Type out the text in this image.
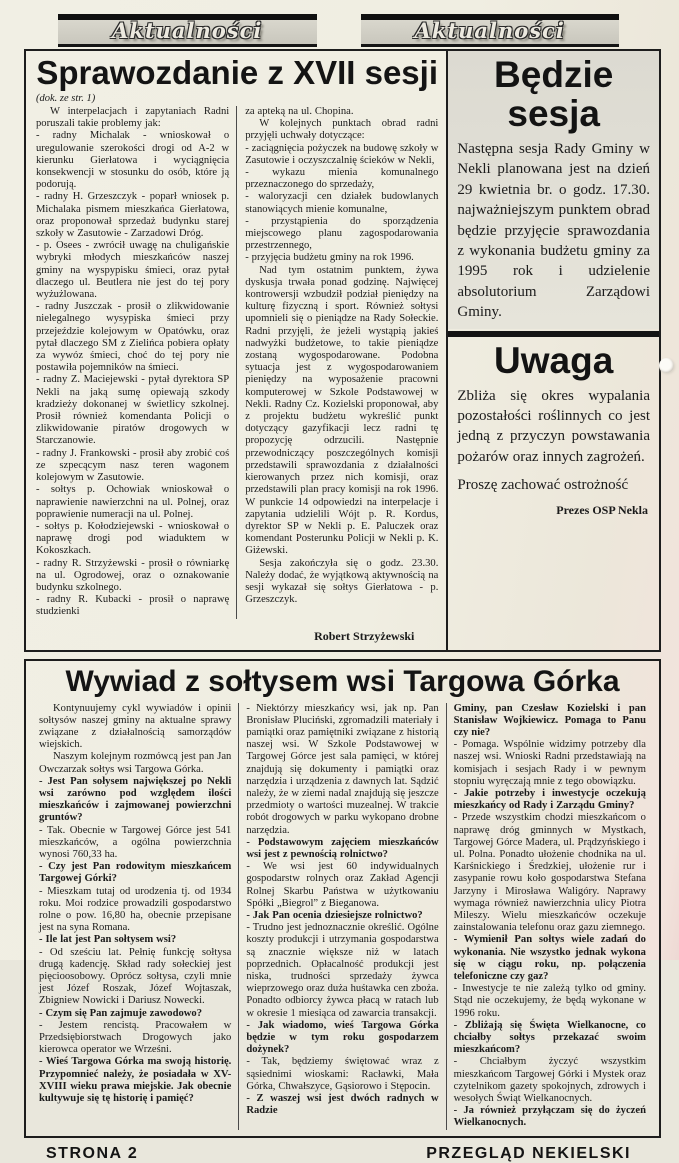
Aktualności	Aktualności
Sprawozdanie z XVII sesji
(dok. ze str. 1)

W interpelacjach i zapytaniach Radni poruszali takie problemy jak:

- radny Michalak - wnioskował o uregulowanie szerokości drogi od A-2 w kierunku Gierłatowa i wyciągnięcia konsekwencji w stosunku do osób, które ją podorują.

- radny H. Grzeszczyk - poparł wniosek p. Michalaka pismem mieszkańca Gierłatowa, oraz proponował sprzedaż budynku starej szkoły w Zasutowie - Zarzadowi Dróg.

- p. Osees - zwrócił uwagę na chuligańskie wybryki młodych mieszkańców naszej gminy na wyspypisku śmieci, oraz pytał dlaczego ul. Beutlera nie jest do tej pory wyżużlowana.

- radny Juszczak - prosił o zlikwidowanie nielegalnego wysypiska śmieci przy przejeździe kolejowym w Opatówku, oraz pytał dlaczego SM z Zielińca pobiera opłaty za wywóz śmieci, choć do tej pory nie postawiła pojemników na śmieci.

- radny Z. Maciejewski - pytał dyrektora SP Nekli na jaką sumę opiewają szkody kradzieży dokonanej w świetlicy szkolnej. Prosił również komendanta Policji o zlikwidowanie piratów drogowych w Starczanowie.

- radny J. Frankowski - prosił aby zrobić coś ze szpecącym nasz teren wagonem kolejowym w Zasutowie.

- sołtys p. Ochowiak wnioskował o naprawienie nawierzchni na ul. Polnej, oraz poprawienie numeracji na ul. Polnej.

- sołtys p. Kołodziejewski - wnioskował o naprawę drogi pod wiaduktem w Kokoszkach.

- radny R. Strzyżewski - prosił o równiarkę na ul. Ogrodowej, oraz o oznakowanie budynku szkolnego.

- radny R. Kubacki - prosił o naprawę studzienki

za apteką na ul. Chopina.

W kolejnych punktach obrad radni przyjęli uchwały dotyczące:

- zaciągnięcia pożyczek na budowę szkoły w Zasutowie i oczyszczalnię ścieków w Nekli,

- wykazu mienia komunalnego przeznaczonego do sprzedaży,

- waloryzacji cen działek budowlanych stanowiących mienie komunalne,

- przystąpienia do sporządzenia miejscowego planu zagospodarowania przestrzennego,

- przyjęcia budżetu gminy na rok 1996.

Nad tym ostatnim punktem, żywa dyskusja trwała ponad godzinę. Najwięcej kontrowersji wzbudził podział pieniędzy na kulturę fizyczną i sport. Również sołtysi upomnieli się o pieniądze na Rady Sołeckie. Radni przyjęli, że jeżeli wystąpią jakieś nadwyżki budżetowe, to takie pieniądze zostaną wygospodarowane. Podobna sytuacja jest z wygospodarowaniem pieniędzy na wyposażenie pracowni komputerowej w Szkole Podstawowej w Nekli. Radny Cz. Kozielski proponował, aby z projektu budżetu wykreślić punkt dotyczący gazyfikacji lecz radni tę propozycję odrzucili. Następnie przewodniczący poszczególnych komisji przedstawili sprawozdania z działalności kierowanych przez nich komisji, oraz przedstawili plan pracy komisji na rok 1996. W punkcie 14 odpowiedzi na interpelacje i zapytania udzielili Wójt p. R. Kordus, dyrektor SP w Nekli p. E. Paluczek oraz komendant Posterunku Policji w Nekli p. K. Giżewski.

Sesja zakończyła się o godz. 23.30. Należy dodać, że wyjątkową aktywnością na sesji wykazał się sołtys Gierłatowa - p. Grzeszczyk.

Robert Strzyżewski
Będzie sesja

Następna sesja Rady Gminy w Nekli planowana jest na dzień 29 kwietnia br. o godz. 17.30. najważniejszym punktem obrad będzie przyjęcie sprawozdania z wykonania budżetu gminy za 1995 rok i udzielenie absolutorium Zarządowi Gminy.

Uwaga

Zbliża się okres wypalania pozostałości roślinnych co jest jedną z przyczyn powstawania pożarów oraz innych zagrożeń.

Proszę zachować ostrożność

Prezes OSP Nekla
Wywiad z sołtysem wsi Targowa Górka

Kontynuujemy cykl wywiadów i opinii sołtysów naszej gminy na aktualne sprawy związane z działalnością samorządów wiejskich.

Naszym kolejnym rozmówcą jest pan Jan Owczarzak sołtys wsi Targowa Górka.

- Jest Pan sołysem największej po Nekli wsi zarówno pod względem ilości mieszkańców i zajmowanej powierzchni gruntów?

- Tak. Obecnie w Targowej Górce jest 541 mieszkańców, a ogólna powierzchnia wynosi 760,33 ha.

- Czy jest Pan rodowitym mieszkańcem Targowej Górki?

- Mieszkam tutaj od urodzenia tj. od 1934 roku. Moi rodzice prowadzili gospodarstwo rolne o pow. 16,80 ha, obecnie przepisane jest na syna Romana.

- Ile lat jest Pan sołtysem wsi?

- Od sześciu lat. Pełnię funkcję sołtysa drugą kadencję. Skład rady sołeckiej jest pięcioosobowy. Oprócz sołtysa, czyli mnie jest Józef Roszak, Józef Wojtaszak, Zbigniew Nowicki i Dariusz Nowecki.

- Czym się Pan zajmuje zawodowo?

- Jestem rencistą. Pracowałem w Przedsiębiorstwach Drogowych jako kierowca operator we Wrześni.

- Wieś Targowa Górka ma swoją historię. Przypomnieć należy, że posiadała w XV-XVIII wieku prawa miejskie. Jak obecnie kultywuje się tę historię i pamięć?

- Niektórzy mieszkańcy wsi, jak np. Pan Bronisław Pluciński, zgromadzili materiały i pamiątki oraz pamiętniki związane z historią naszej wsi. W Szkole Podstawowej w Targowej Górce jest sala pamięci, w której znajdują się dokumenty i pamiątki oraz narzędzia i urządzenia z dawnych lat. Sądzić należy, że w ziemi nadal znajdują się jeszcze przedmioty o wartości muzealnej. W trakcie robót drogowych w parku wykopano drobne narzędzia.

- Podstawowym zajęciem mieszkańców wsi jest z pewnością rolnictwo?

- We wsi jest 60 indywidualnych gospodarstw rolnych oraz Zakład Agencji Rolnej Skarbu Państwa w użytkowaniu Spółki „Biegrol” z Bieganowa.

- Jak Pan ocenia dziesiejsze rolnictwo?

- Trudno jest jednoznacznie określić. Ogólne koszty produkcji i utrzymania gospodarstwa są znacznie większe niż w latach poprzednich. Opłacalność produkcji jest niska, trudności sprzedaży żywca wieprzowego oraz duża huśtawka cen zboża. Ponadto odbiorcy żywca płacą w ratach lub w okresie 1 miesiąca od zawarcia transakcji.

- Jak wiadomo, wieś Targowa Górka będzie w tym roku gospodarzem dożynek?

- Tak, będziemy świętować wraz z sąsiednimi wioskami: Racławki, Mała Górka, Chwałszyce, Gąsiorowo i Stępocin.

- Z waszej wsi jest dwóch radnych w Radzie

Gminy, pan Czesław Kozielski i pan Stanisław Wojkiewicz. Pomaga to Panu czy nie?

- Pomaga. Wspólnie widzimy potrzeby dla naszej wsi. Wnioski Radni przedstawiają na komisjach i sesjach Rady i w pewnym stopniu wyręczają mnie z tego obowiązku.

- Jakie potrzeby i inwestycje oczekują mieszkańcy od Rady i Zarządu Gminy?

- Przede wszystkim chodzi mieszkańcom o naprawę dróg gminnych w Mystkach, Targowej Górce Madera, ul. Prądzyńskiego i ul. Polna. Ponadto ułożenie chodnika na ul. Karśnickiego i Średzkiej, ułożenie rur i zasypanie rowu koło gospodarstwa Stefana Jarzyny i Mirosława Waligóry. Naprawy wymaga również nawierzchnia ulicy Piotra Mileszy. Wielu mieszkańców oczekuje zainstalowania telefonu oraz gazu ziemnego.

- Wymienił Pan sołtys wiele zadań do wykonania. Nie wszystko jednak wykona się w ciągu roku, np. połączenia telefoniczne czy gaz?

- Inwestycje te nie zależą tylko od gminy. Stąd nie oczekujemy, że będą wykonane w 1996 roku.

- Zbliżają się Święta Wielkanocne, co chciałby sołtys przekazać swoim mieszkańcom?

- Chciałbym życzyć wszystkim mieszkańcom Targowej Górki i Mystek oraz czytelnikom gazety spokojnych, zdrowych i wesołych Świąt Wielkanocnych.

- Ja również przyłączam się do życzeń Wielkanocnych.

STRONA 2	PRZEGLĄD NEKIELSKI
